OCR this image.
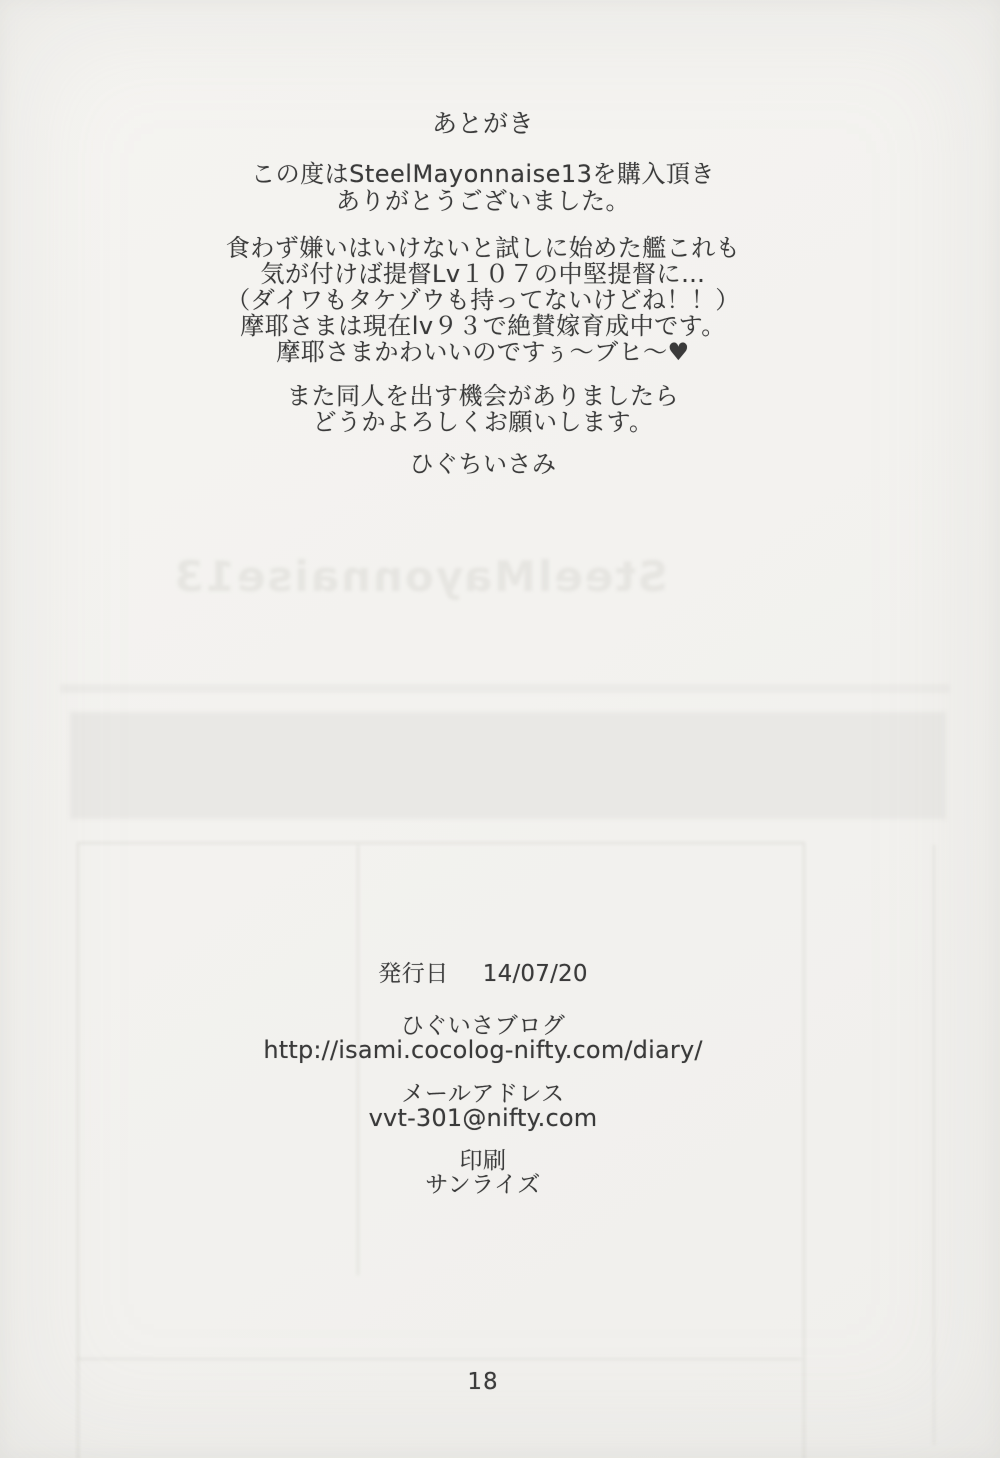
SteelMayonnaise13
あとがき
この度はSteelMayonnaise13を購入頂き
ありがとうございました。
食わず嫌いはいけないと試しに始めた艦これも
気が付けば提督Lv１０７の中堅提督に…
（ダイワもタケゾウも持ってないけどね！！）
摩耶さまは現在lv９３で絶賛嫁育成中です。
摩耶さまかわいいのですぅ～ブヒ～♥
また同人を出す機会がありましたら
どうかよろしくお願いします。
ひぐちいさみ
発行日 14/07/20
ひぐいさブログ
http://isami.cocolog-nifty.com/diary/
メールアドレス
vvt-301@nifty.com
印刷
サンライズ
18
